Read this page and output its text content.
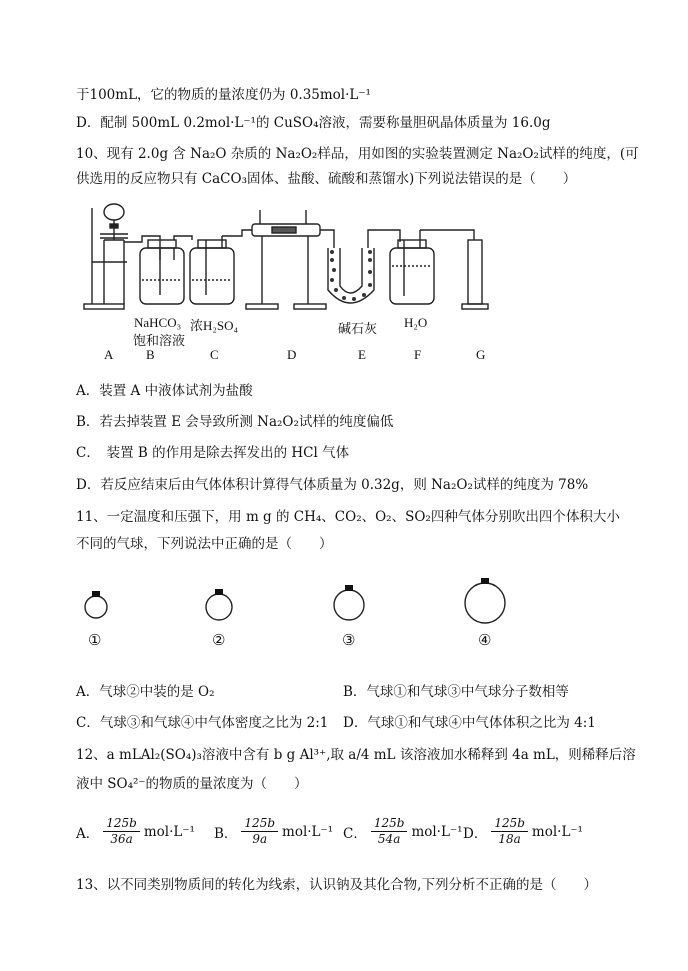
于100mL，它的物质的量浓度仍为 0.35mol·L⁻¹
D．配制 500mL 0.2mol·L⁻¹的 CuSO₄溶液，需要称量胆矾晶体质量为 16.0g
10、现有 2.0g 含 Na₂O 杂质的 Na₂O₂样品，用如图的实验装置测定 Na₂O₂试样的纯度，(可
供选用的反应物只有 CaCO₃固体、盐酸、硫酸和蒸馏水)下列说法错误的是（　　）
NaHCO₃
饱和溶液
浓H₂SO₄	碱石灰 H₂O
A	B	C	D	E	F	G
A．装置 A 中液体试剂为盐酸
B．若去掉装置 E 会导致所测 Na₂O₂试样的纯度偏低
C．　装置 B 的作用是除去挥发出的 HCl 气体
D．若反应结束后由气体体积计算得气体质量为 0.32g，则 Na₂O₂试样的纯度为 78%
11、一定温度和压强下，用 m g 的 CH₄、CO₂、O₂、SO₂四种气体分别吹出四个体积大小
不同的气球，下列说法中正确的是（　　）
①	②	③	④
A．气球②中装的是 O₂	B．气球①和气球③中气球分子数相等
C．气球③和气球④中气体密度之比为 2:1 D．气球①和气球④中气体体积之比为 4:1
12、a mLAl₂(SO₄)₃溶液中含有 b g Al³⁺,取 a/4 mL 该溶液加水稀释到 4a mL，则稀释后溶
液中 SO₄²⁻的物质的量浓度为（　　）
A． $\frac{125b}{36a} mol\cdot L^{-1}$ B． $\frac{125b}{9a} mol\cdot L^{-1}$ C． $\frac{125b}{54a} mol\cdot L^{-1}$ D． $\frac{125b}{18a} mol\cdot L^{-1}$
13、以不同类别物质间的转化为线索，认识钠及其化合物,下列分析不正确的是（　　）
